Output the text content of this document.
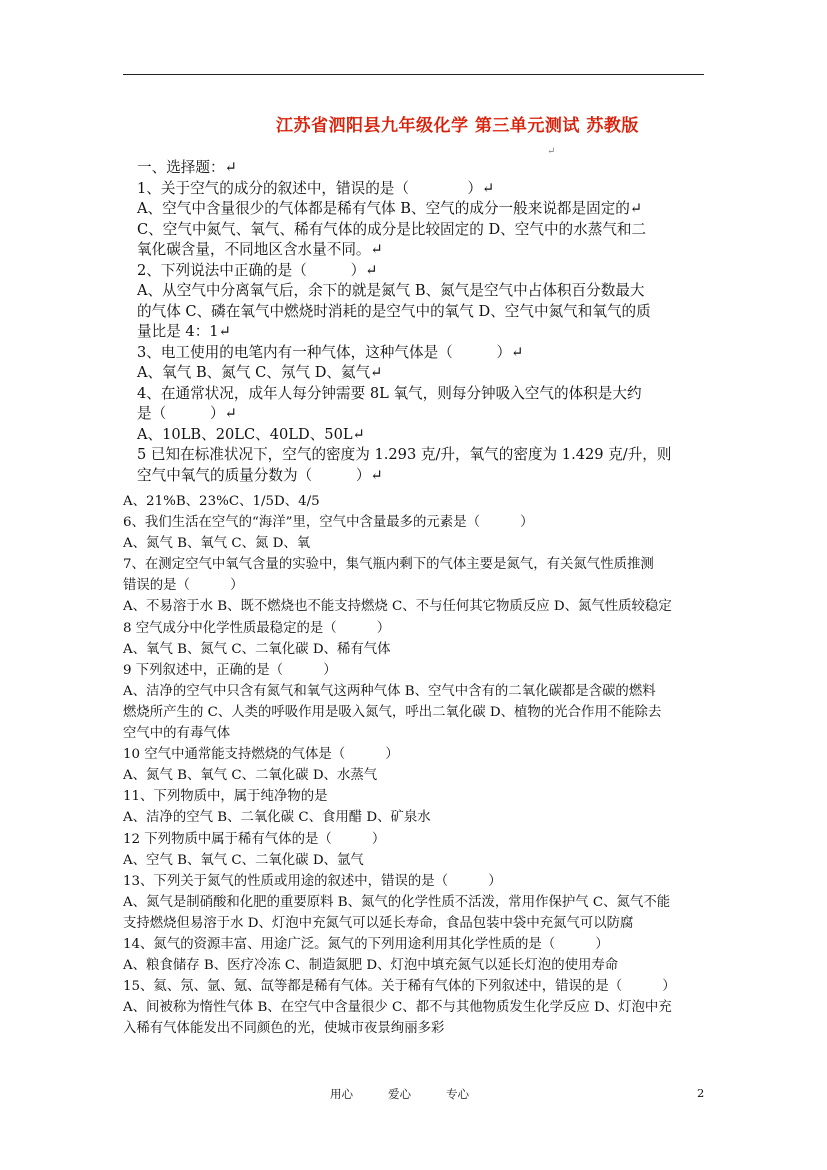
江苏省泗阳县九年级化学 第三单元测试 苏教版
↵
一、选择题：↵
1、关于空气的成分的叙述中，错误的是（　　　　）↵
A、空气中含量很少的气体都是稀有气体 B、空气的成分一般来说都是固定的↵
C、空气中氮气、氧气、稀有气体的成分是比较固定的 D、空气中的水蒸气和二
氧化碳含量，不同地区含水量不同。↵
2、下列说法中正确的是（　　　）↵
A、从空气中分离氧气后，余下的就是氮气 B、氮气是空气中占体积百分数最大
的气体 C、磷在氧气中燃烧时消耗的是空气中的氧气 D、空气中氮气和氧气的质
量比是 4：1↵
3、电工使用的电笔内有一种气体，这种气体是（　　　）↵
A、氧气 B、氮气 C、氖气 D、氦气↵
4、在通常状况，成年人每分钟需要 8L 氧气，则每分钟吸入空气的体积是大约
是（　　　）↵
A、10LB、20LC、40LD、50L↵
5 已知在标准状况下，空气的密度为 1.293 克/升，氧气的密度为 1.429 克/升，则
空气中氧气的质量分数为（　　　）↵
A、21%B、23%C、1/5D、4/5
6、我们生活在空气的“海洋”里，空气中含量最多的元素是（　　　）
A、氮气 B、氧气 C、氮 D、氧
7、在测定空气中氧气含量的实验中，集气瓶内剩下的气体主要是氮气，有关氮气性质推测
错误的是（　　　）
A、不易溶于水 B、既不燃烧也不能支持燃烧 C、不与任何其它物质反应 D、氮气性质较稳定
8 空气成分中化学性质最稳定的是（　　　）
A、氧气 B、氮气 C、二氧化碳 D、稀有气体
9 下列叙述中，正确的是（　　　）
A、洁净的空气中只含有氮气和氧气这两种气体 B、空气中含有的二氧化碳都是含碳的燃料
燃烧所产生的 C、人类的呼吸作用是吸入氮气，呼出二氧化碳 D、植物的光合作用不能除去
空气中的有毒气体
10 空气中通常能支持燃烧的气体是（　　　）
A、氮气 B、氧气 C、二氧化碳 D、水蒸气
11、下列物质中，属于纯净物的是
A、洁净的空气 B、二氧化碳 C、食用醋 D、矿泉水
12 下列物质中属于稀有气体的是（　　　）
A、空气 B、氧气 C、二氧化碳 D、氩气
13、下列关于氮气的性质或用途的叙述中，错误的是（　　　）
A、氮气是制硝酸和化肥的重要原料 B、氮气的化学性质不活泼，常用作保护气 C、氮气不能
支持燃烧但易溶于水 D、灯泡中充氮气可以延长寿命，食品包装中袋中充氮气可以防腐
14、氮气的资源丰富、用途广泛。氮气的下列用途利用其化学性质的是（　　　）
A、粮食储存 B、医疗冷冻 C、制造氮肥 D、灯泡中填充氮气以延长灯泡的使用寿命
15、氦、氖、氩、氪、氙等都是稀有气体。关于稀有气体的下列叙述中，错误的是（　　　）
A、间被称为惰性气体 B、在空气中含量很少 C、都不与其他物质发生化学反应 D、灯泡中充
入稀有气体能发出不同颜色的光，使城市夜景绚丽多彩
用心	爱心	专心	2
